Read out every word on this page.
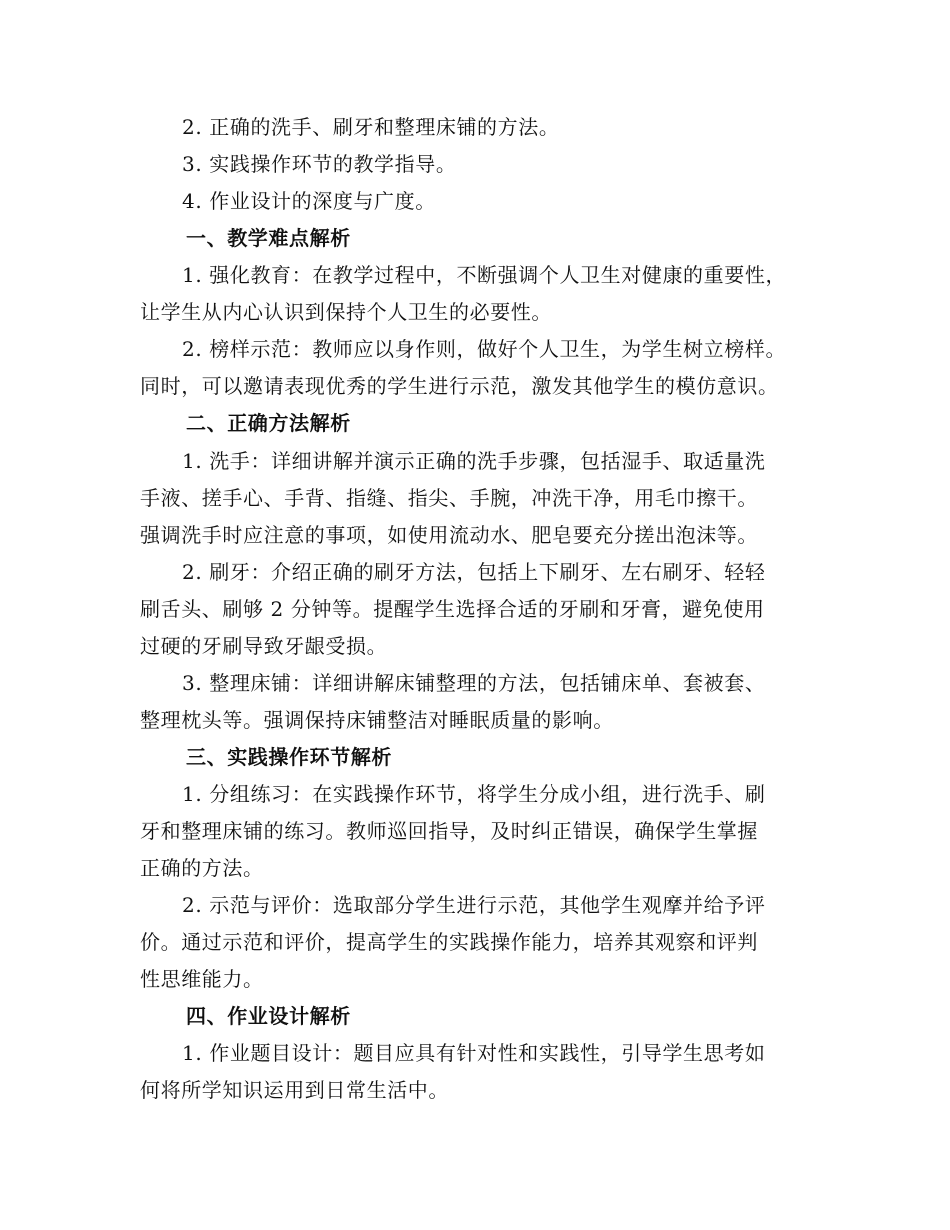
2. 正确的洗手、刷牙和整理床铺的方法。
3. 实践操作环节的教学指导。
4. 作业设计的深度与广度。
一、教学难点解析
1. 强化教育：在教学过程中，不断强调个人卫生对健康的重要性，
让学生从内心认识到保持个人卫生的必要性。
2. 榜样示范：教师应以身作则，做好个人卫生，为学生树立榜样。
同时，可以邀请表现优秀的学生进行示范，激发其他学生的模仿意识。
二、正确方法解析
1. 洗手：详细讲解并演示正确的洗手步骤，包括湿手、取适量洗
手液、搓手心、手背、指缝、指尖、手腕，冲洗干净，用毛巾擦干。
强调洗手时应注意的事项，如使用流动水、肥皂要充分搓出泡沫等。
2. 刷牙：介绍正确的刷牙方法，包括上下刷牙、左右刷牙、轻轻
刷舌头、刷够 2 分钟等。提醒学生选择合适的牙刷和牙膏，避免使用
过硬的牙刷导致牙龈受损。
3. 整理床铺：详细讲解床铺整理的方法，包括铺床单、套被套、
整理枕头等。强调保持床铺整洁对睡眠质量的影响。
三、实践操作环节解析
1. 分组练习：在实践操作环节，将学生分成小组，进行洗手、刷
牙和整理床铺的练习。教师巡回指导，及时纠正错误，确保学生掌握
正确的方法。
2. 示范与评价：选取部分学生进行示范，其他学生观摩并给予评
价。通过示范和评价，提高学生的实践操作能力，培养其观察和评判
性思维能力。
四、作业设计解析
1. 作业题目设计：题目应具有针对性和实践性，引导学生思考如
何将所学知识运用到日常生活中。
